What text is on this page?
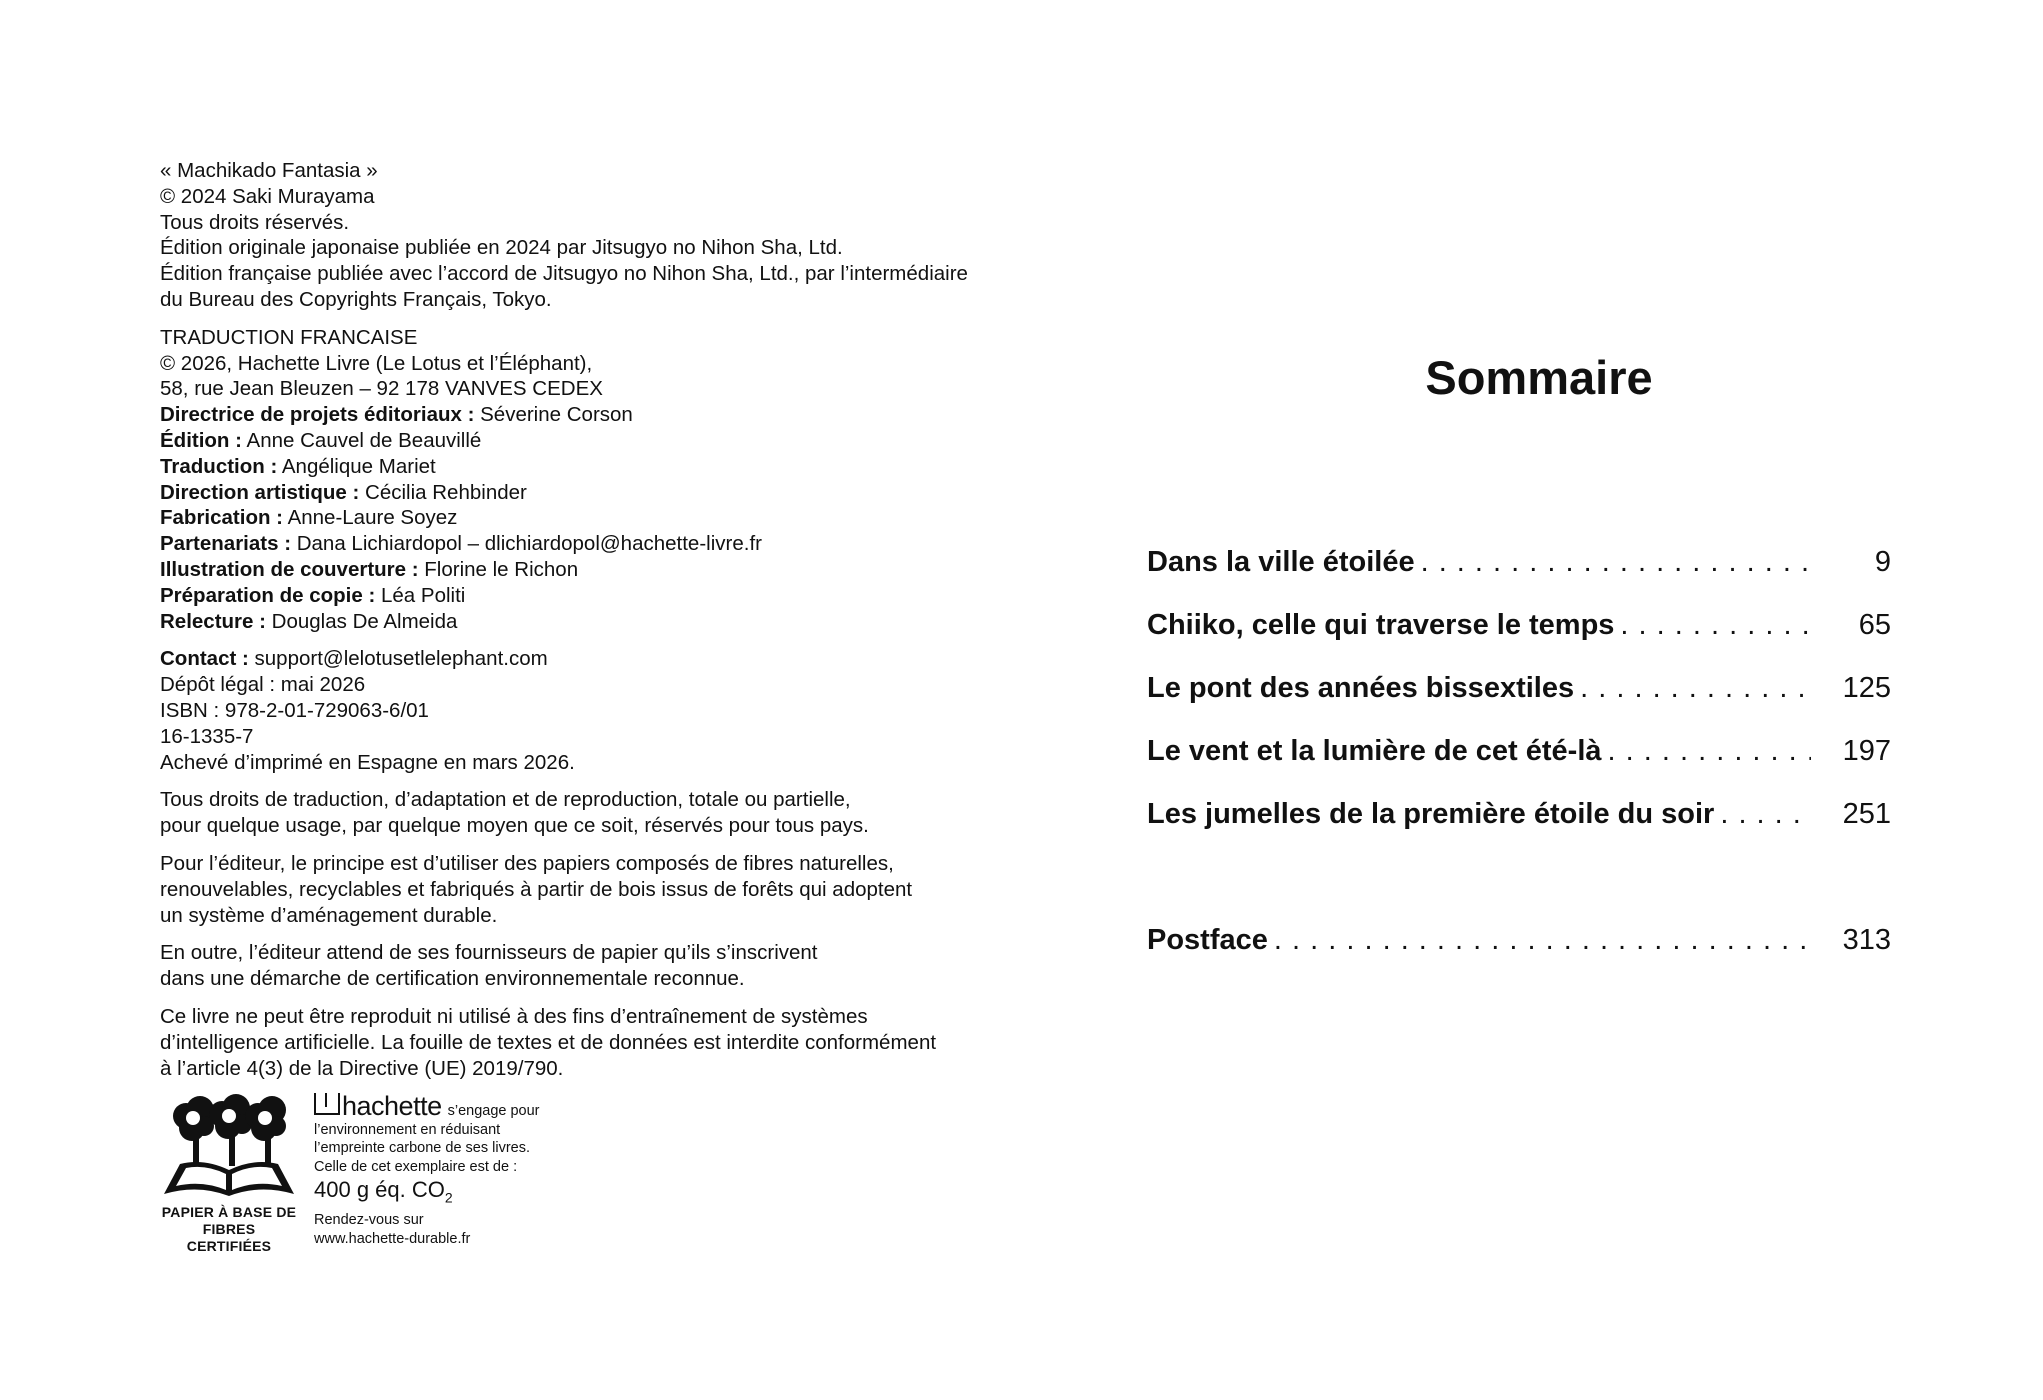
« Machikado Fantasia »
© 2024 Saki Murayama
Tous droits réservés.
Édition originale japonaise publiée en 2024 par Jitsugyo no Nihon Sha, Ltd.
Édition française publiée avec l’accord de Jitsugyo no Nihon Sha, Ltd., par l’intermédiaire
du Bureau des Copyrights Français, Tokyo.
TRADUCTION FRANCAISE
© 2026, Hachette Livre (Le Lotus et l’Éléphant),
58, rue Jean Bleuzen – 92 178 VANVES CEDEX
Directrice de projets éditoriaux : Séverine Corson
Édition : Anne Cauvel de Beauvillé
Traduction : Angélique Mariet
Direction artistique : Cécilia Rehbinder
Fabrication : Anne-Laure Soyez
Partenariats : Dana Lichiardopol – dlichiardopol@hachette-livre.fr
Illustration de couverture : Florine le Richon
Préparation de copie : Léa Politi
Relecture : Douglas De Almeida
Contact : support@lelotusetlelephant.com
Dépôt légal : mai 2026
ISBN : 978-2-01-729063-6/01
16-1335-7
Achevé d’imprimé en Espagne en mars 2026.
Tous droits de traduction, d’adaptation et de reproduction, totale ou partielle,
pour quelque usage, par quelque moyen que ce soit, réservés pour tous pays.
Pour l’éditeur, le principe est d’utiliser des papiers composés de fibres naturelles,
renouvelables, recyclables et fabriqués à partir de bois issus de forêts qui adoptent
un système d’aménagement durable.
En outre, l’éditeur attend de ses fournisseurs de papier qu’ils s’inscrivent
dans une démarche de certification environnementale reconnue.
Ce livre ne peut être reproduit ni utilisé à des fins d’entraînement de systèmes
d’intelligence artificielle. La fouille de textes et de données est interdite conformément
à l’article 4(3) de la Directive (UE) 2019/790.
PAPIER À BASE DE
FIBRES CERTIFIÉES
hachette s’engage pour
l’environnement en réduisant
l’empreinte carbone de ses livres.
Celle de cet exemplaire est de :
400 g éq. $CO_2$
Rendez-vous sur
www.hachette-durable.fr
Sommaire
Dans la ville étoilée . . .	9
Chiiko, celle qui traverse le temps . . .	65
Le pont des années bissextiles . . .	125
Le vent et la lumière de cet été-là . . .	197
Les jumelles de la première étoile du soir . . .	251
Postface . . .	313
